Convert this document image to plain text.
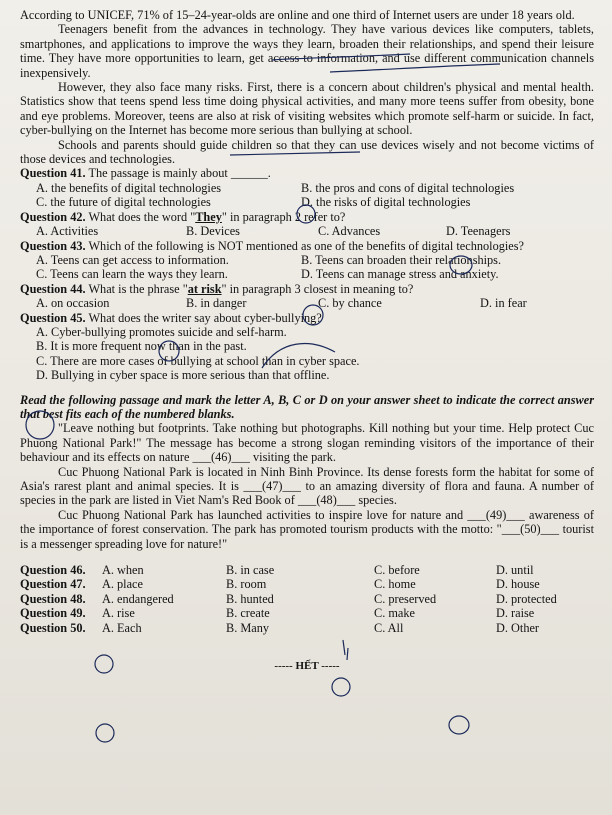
According to UNICEF, 71% of 15–24-year-olds are online and one third of Internet users are under 18 years old.

Teenagers benefit from the advances in technology. They have various devices like computers, tablets, smartphones, and applications to improve the ways they learn, broaden their relationships, and spend their leisure time. They have more opportunities to learn, get access to information, and use different communication channels inexpensively.

However, they also face many risks. First, there is a concern about children's physical and mental health. Statistics show that teens spend less time doing physical activities, and many more teens suffer from obesity, bone and eye problems. Moreover, teens are also at risk of visiting websites which promote self-harm or suicide. In fact, cyber-bullying on the Internet has become more serious than bullying at school.

Schools and parents should guide children so that they can use devices wisely and not become victims of those devices and technologies.

Question 41. The passage is mainly about ______.
A. the benefits of digital technologies	B. the pros and cons of digital technologies
C. the future of digital technologies	D. the risks of digital technologies
Question 42. What does the word "They" in paragraph 2 refer to?
A. Activities	B. Devices	C. Advances	D. Teenagers
Question 43. Which of the following is NOT mentioned as one of the benefits of digital technologies?
A. Teens can get access to information.	B. Teens can broaden their relationships.
C. Teens can learn the ways they learn.	D. Teens can manage stress and anxiety.
Question 44. What is the phrase "at risk" in paragraph 3 closest in meaning to?
A. on occasion	B. in danger	C. by chance	D. in fear
Question 45. What does the writer say about cyber-bullying?
A. Cyber-bullying promotes suicide and self-harm.
B. It is more frequent now than in the past.
C. There are more cases of bullying at school than in cyber space.
D. Bullying in cyber space is more serious than that offline.

Read the following passage and mark the letter A, B, C or D on your answer sheet to indicate the correct answer that best fits each of the numbered blanks.

"Leave nothing but footprints. Take nothing but photographs. Kill nothing but your time. Help protect Cuc Phuong National Park!" The message has become a strong slogan reminding visitors of the importance of their behaviour and its effects on nature ___(46)___ visiting the park.

Cuc Phuong National Park is located in Ninh Binh Province. Its dense forests form the habitat for some of Asia's rarest plant and animal species. It is ___(47)___ to an amazing diversity of flora and fauna. A number of species in the park are listed in Viet Nam's Red Book of ___(48)___ species.

Cuc Phuong National Park has launched activities to inspire love for nature and ___(49)___ awareness of the importance of forest conservation. The park has promoted tourism products with the motto: "___(50)___ tourist is a messenger spreading love for nature!"

Question 46.	A. when	B. in case	C. before	D. until
Question 47.	A. place	B. room	C. home	D. house
Question 48.	A. endangered	B. hunted	C. preserved	D. protected
Question 49.	A. rise	B. create	C. make	D. raise
Question 50.	A. Each	B. Many	C. All	D. Other
----- HẾT -----
